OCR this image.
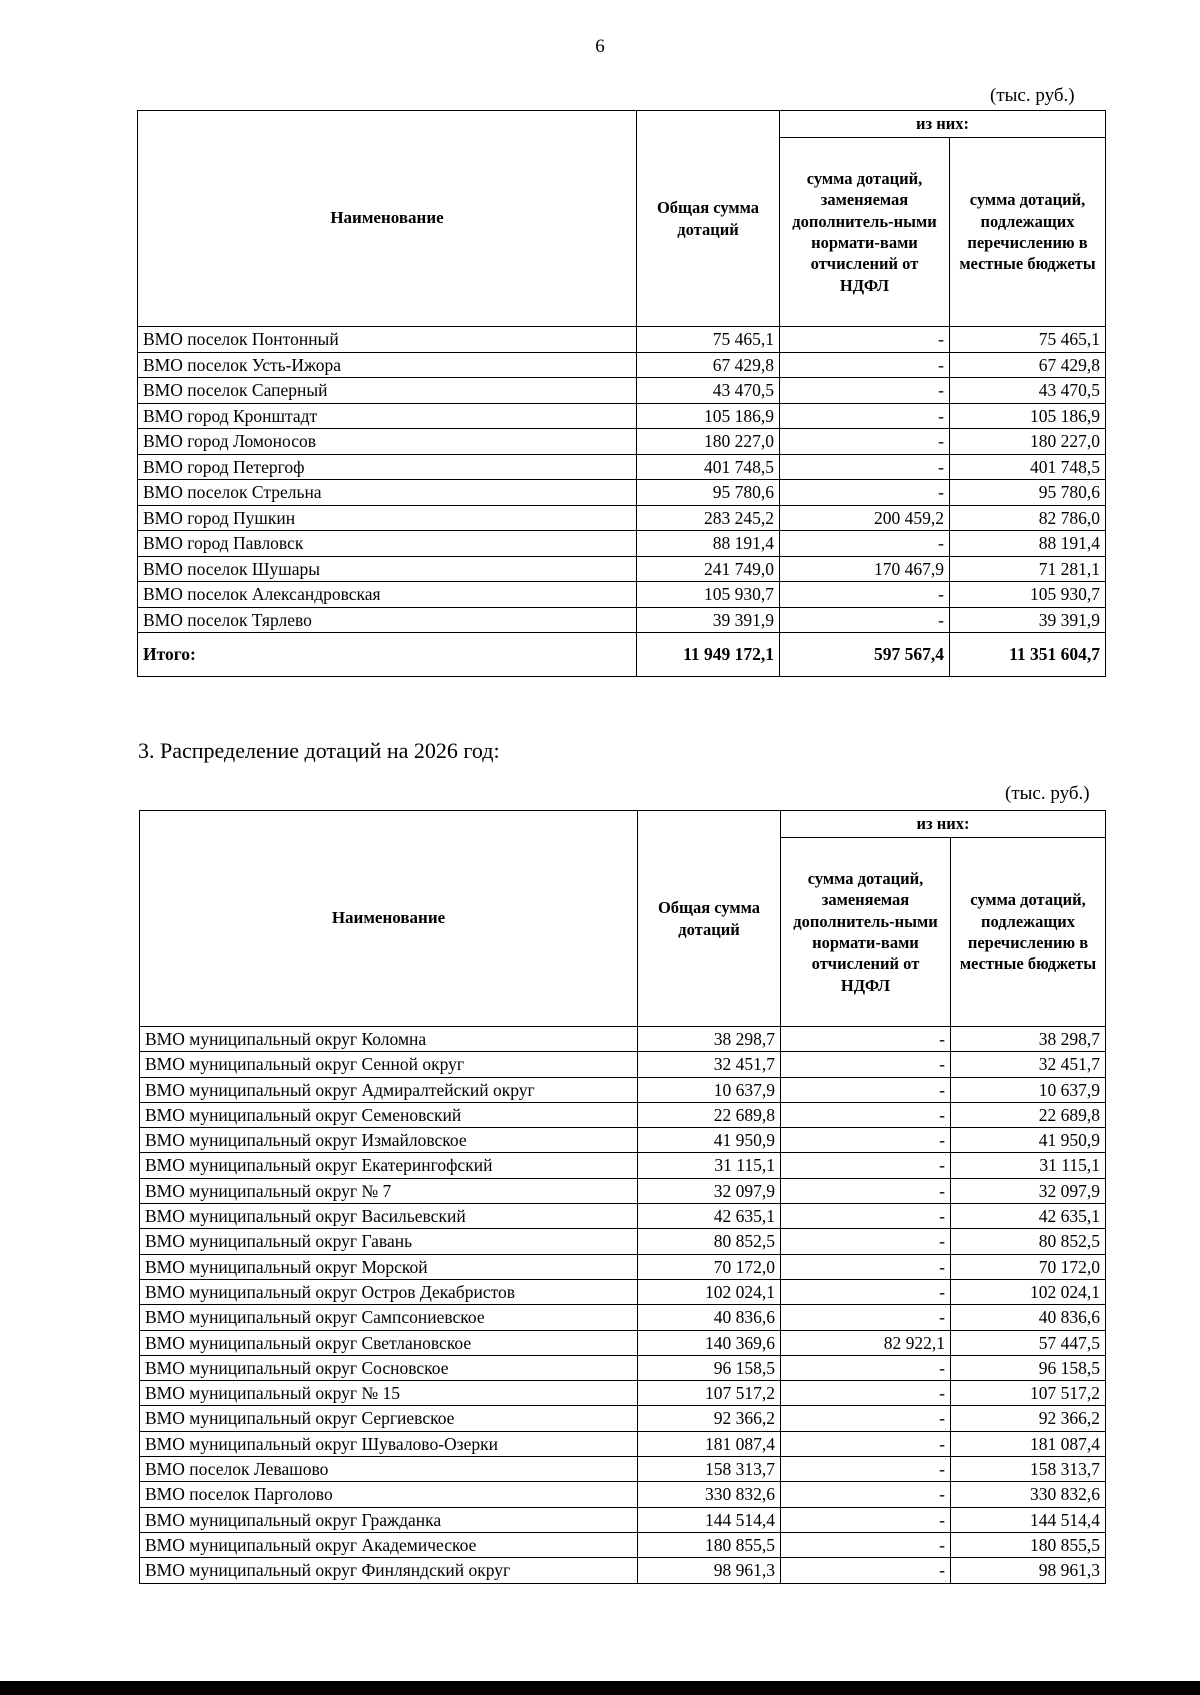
6
(тыс. руб.)
Наименование	Общая сумма дотаций	из них:	
		сумма дотаций, заменяемая дополнитель-ными нормати-вами отчислений от НДФЛ	сумма дотаций, подлежащих перечислению в местные бюджеты
ВМО поселок Понтонный	75 465,1	-	75 465,1
ВМО поселок Усть-Ижора	67 429,8	-	67 429,8
ВМО поселок Саперный	43 470,5	-	43 470,5
ВМО город Кронштадт	105 186,9	-	105 186,9
ВМО город Ломоносов	180 227,0	-	180 227,0
ВМО город Петергоф	401 748,5	-	401 748,5
ВМО поселок Стрельна	95 780,6	-	95 780,6
ВМО город Пушкин	283 245,2	200 459,2	82 786,0
ВМО город Павловск	88 191,4	-	88 191,4
ВМО поселок Шушары	241 749,0	170 467,9	71 281,1
ВМО поселок Александровская	105 930,7	-	105 930,7
ВМО поселок Тярлево	39 391,9	-	39 391,9
Итого:	11 949 172,1	597 567,4	11 351 604,7
3. Распределение дотаций на 2026 год:
(тыс. руб.)
Наименование	Общая сумма дотаций	из них:	
		сумма дотаций, заменяемая дополнитель-ными нормати-вами отчислений от НДФЛ	сумма дотаций, подлежащих перечислению в местные бюджеты
ВМО муниципальный округ Коломна	38 298,7	-	38 298,7
ВМО муниципальный округ Сенной округ	32 451,7	-	32 451,7
ВМО муниципальный округ Адмиралтейский округ	10 637,9	-	10 637,9
ВМО муниципальный округ Семеновский	22 689,8	-	22 689,8
ВМО муниципальный округ Измайловское	41 950,9	-	41 950,9
ВМО муниципальный округ Екатерингофский	31 115,1	-	31 115,1
ВМО муниципальный округ № 7	32 097,9	-	32 097,9
ВМО муниципальный округ Васильевский	42 635,1	-	42 635,1
ВМО муниципальный округ Гавань	80 852,5	-	80 852,5
ВМО муниципальный округ Морской	70 172,0	-	70 172,0
ВМО муниципальный округ Остров Декабристов	102 024,1	-	102 024,1
ВМО муниципальный округ Сампсониевское	40 836,6	-	40 836,6
ВМО муниципальный округ Светлановское	140 369,6	82 922,1	57 447,5
ВМО муниципальный округ Сосновское	96 158,5	-	96 158,5
ВМО муниципальный округ № 15	107 517,2	-	107 517,2
ВМО муниципальный округ Сергиевское	92 366,2	-	92 366,2
ВМО муниципальный округ Шувалово-Озерки	181 087,4	-	181 087,4
ВМО поселок Левашово	158 313,7	-	158 313,7
ВМО поселок Парголово	330 832,6	-	330 832,6
ВМО муниципальный округ Гражданка	144 514,4	-	144 514,4
ВМО муниципальный округ Академическое	180 855,5	-	180 855,5
ВМО муниципальный округ Финляндский округ	98 961,3	-	98 961,3
